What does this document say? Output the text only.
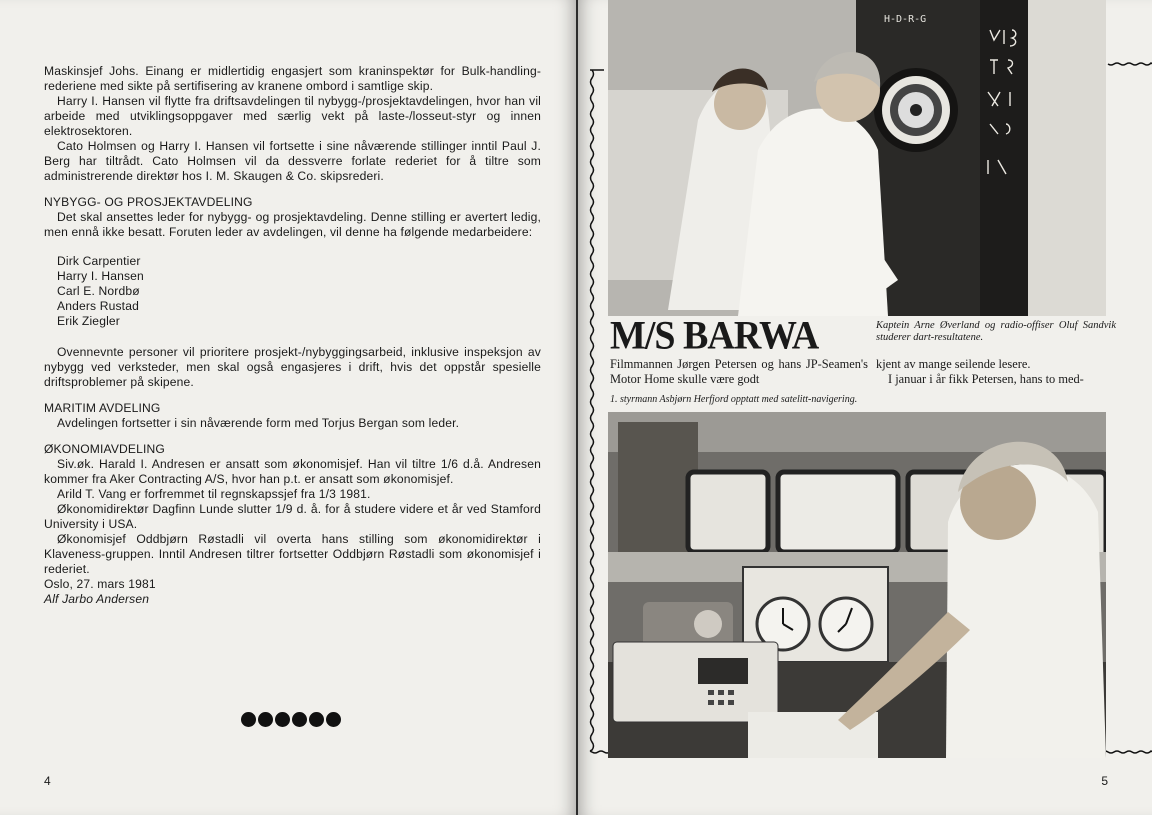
Maskinsjef Johs. Einang er midlertidig engasjert som kraninspektør for Bulk-handling-rederiene med sikte på sertifisering av kranene ombord i samtlige skip.

Harry I. Hansen vil flytte fra driftsavdelingen til nybygg-/prosjektavdelingen, hvor han vil arbeide med utviklingsoppgaver med særlig vekt på laste-/losseut-styr og innen elektrosektoren.

Cato Holmsen og Harry I. Hansen vil fortsette i sine nåværende stillinger inntil Paul J. Berg har tiltrådt. Cato Holmsen vil da dessverre forlate rederiet for å tiltre som administrerende direktør hos I. M. Skaugen & Co. skipsrederi.

NYBYGG- OG PROSJEKTAVDELING

Det skal ansettes leder for nybygg- og prosjektavdeling. Denne stilling er avertert ledig, men ennå ikke besatt. Foruten leder av avdelingen, vil denne ha følgende medarbeidere:

Dirk Carpentier
Harry I. Hansen
Carl E. Nordbø
Anders Rustad
Erik Ziegler

Ovennevnte personer vil prioritere prosjekt-/nybyggingsarbeid, inklusive inspeksjon av nybygg ved verksteder, men skal også engasjeres i drift, hvis det oppstår spesielle driftsproblemer på skipene.

MARITIM AVDELING

Avdelingen fortsetter i sin nåværende form med Torjus Bergan som leder.

ØKONOMIAVDELING

Siv.øk. Harald I. Andresen er ansatt som økonomisjef. Han vil tiltre 1/6 d.å. Andresen kommer fra Aker Contracting A/S, hvor han p.t. er ansatt som økonomisjef.

Arild T. Vang er forfremmet til regnskapssjef fra 1/3 1981.

Økonomidirektør Dagfinn Lunde slutter 1/9 d. å. for å studere videre et år ved Stamford University i USA.

Økonomisjef Oddbjørn Røstadli vil overta hans stilling som økonomidirektør i Klaveness-gruppen. Inntil Andresen tiltrer fortsetter Oddbjørn Røstadli som økonomisjef i rederiet.

Oslo, 27. mars 1981

Alf Jarbo Andersen

4
H-D-R-G
M/S BARWA	Kaptein Arne Øverland og radio-offiser Oluf Sandvik studerer dart-resultatene.
Filmmannen Jørgen Petersen og hans JP-Seamen's Motor Home skulle være godt
kjent av mange seilende lesere.
I januar i år fikk Petersen, hans to med-
1. styrmann Asbjørn Herfjord opptatt med satelitt-navigering.
5
